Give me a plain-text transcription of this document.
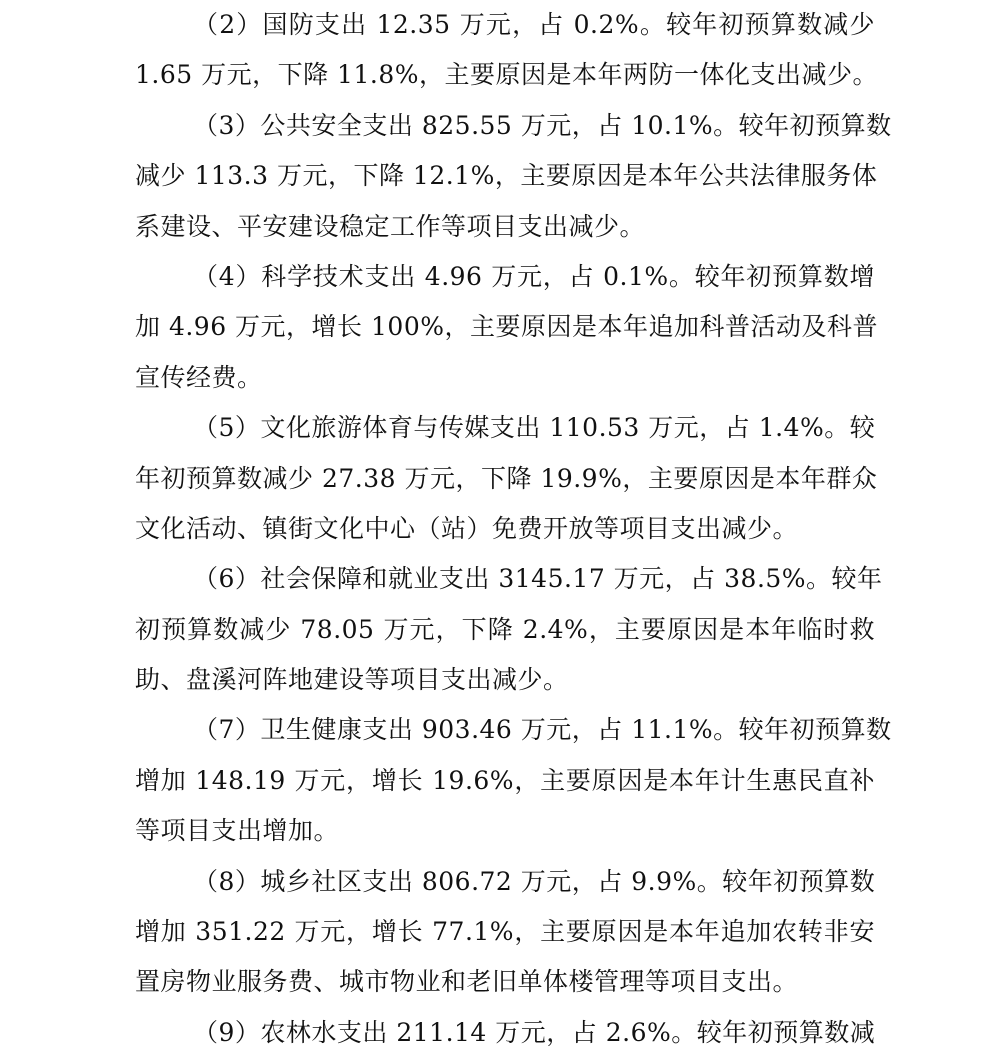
（2）国防支出 12.35 万元，占 0.2%。较年初预算数减少
1.65 万元，下降 11.8%，主要原因是本年两防一体化支出减少。
（3）公共安全支出 825.55 万元，占 10.1%。较年初预算数
减少 113.3 万元，下降 12.1%，主要原因是本年公共法律服务体
系建设、平安建设稳定工作等项目支出减少。
（4）科学技术支出 4.96 万元，占 0.1%。较年初预算数增
加 4.96 万元，增长 100%，主要原因是本年追加科普活动及科普
宣传经费。
（5）文化旅游体育与传媒支出 110.53 万元，占 1.4%。较
年初预算数减少 27.38 万元，下降 19.9%，主要原因是本年群众
文化活动、镇街文化中心（站）免费开放等项目支出减少。
（6）社会保障和就业支出 3145.17 万元，占 38.5%。较年
初预算数减少 78.05 万元，下降 2.4%，主要原因是本年临时救
助、盘溪河阵地建设等项目支出减少。
（7）卫生健康支出 903.46 万元，占 11.1%。较年初预算数
增加 148.19 万元，增长 19.6%，主要原因是本年计生惠民直补
等项目支出增加。
（8）城乡社区支出 806.72 万元，占 9.9%。较年初预算数
增加 351.22 万元，增长 77.1%，主要原因是本年追加农转非安
置房物业服务费、城市物业和老旧单体楼管理等项目支出。
（9）农林水支出 211.14 万元，占 2.6%。较年初预算数减
